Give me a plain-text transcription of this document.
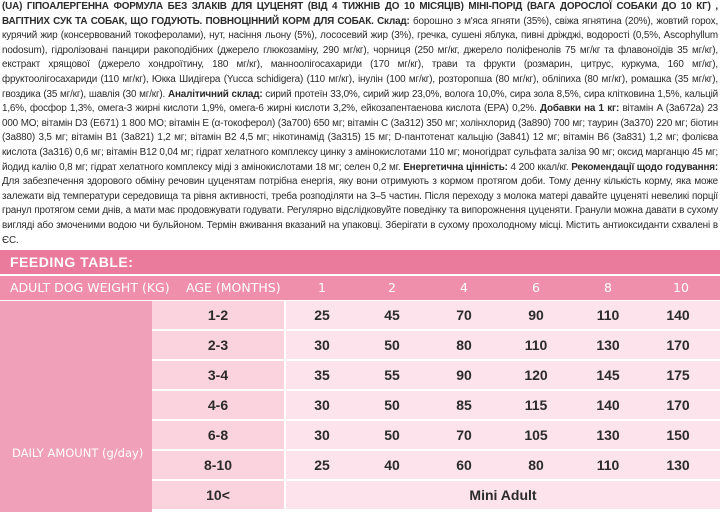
(UA) ГІПОАЛЕРГЕННА ФОРМУЛА БЕЗ ЗЛАКІВ ДЛЯ ЦУЦЕНЯТ (ВІД 4 ТИЖНІВ ДО 10 МІСЯЦІВ) МІНІ-ПОРІД (ВАГА ДОРОСЛОЇ СОБАКИ ДО 10 КГ) , ВАГІТНИХ СУК ТА СОБАК, ЩО ГОДУЮТЬ. ПОВНОЦІННИЙ КОРМ ДЛЯ СОБАК. Склад: борошно з м'яса ягняти (35%), свіжа ягнятина (20%), жовтий горох, курячий жир (консервований токоферолами), нут, насіння льону (5%), лососевий жир (3%), гречка, сушені яблука, пивні дріжджі, водорості (0,5%, Ascophyllum nodosum), гідролізовані панцири ракоподібних (джерело глюкозаміну, 290 мг/кг), чорниця (250 мг/кг, джерело поліфенолів 75 мг/кг та флавоноїдів 35 мг/кг), екстракт хрящової (джерело хондроїтину, 180 мг/кг), манноолігосахариди (170 мг/кг), трави та фрукти (розмарин, цитрус, куркума, 160 мг/кг), фруктоолігосахариди (110 мг/кг), Юкка Шидігера (Yucca schidigera) (110 мг/кг), інулін (100 мг/кг), розторопша (80 мг/кг), обліпиха (80 мг/кг), ромашка (35 мг/кг), гвоздика (35 мг/кг), шавлія (30 мг/кг). Аналітичний склад: сирий протеїн 33,0%, сирий жир 23,0%, волога 10,0%, сира зола 8,5%, сира клітковина 1,5%, кальцій 1,6%, фосфор 1,3%, омега-3 жирні кислоти 1,9%, омега-6 жирні кислоти 3,2%, ейкозапентаенова кислота (EPA) 0,2%. Добавки на 1 кг: вітамін A (3a672a) 23 000 МО; вітамін D3 (E671) 1 800 МО; вітамін E (α-токоферол) (3a700) 650 мг; вітамін C (3a312) 350 мг; холінхлорид (3a890) 700 мг; таурин (3a370) 220 мг; біотин (3a880) 3,5 мг; вітамін B1 (3a821) 1,2 мг; вітамін B2 4,5 мг; нікотинамід (3a315) 15 мг; D-пантотенат кальцію (3a841) 12 мг; вітамін B6 (3a831) 1,2 мг; фолієва кислота (3a316) 0,6 мг; вітамін B12 0,04 мг; гідрат хелатного комплексу цинку з амінокислотами 110 мг; моногідрат сульфата заліза 90 мг; оксид марганцю 45 мг; йодид калію 0,8 мг; гідрат хелатного комплексу міді з амінокислотами 18 мг; селен 0,2 мг. Енергетична цінність: 4 200 ккал/кг. Рекомендації щодо годування: Для забезпечення здорового обміну речовин цуценятам потрібна енергія, яку вони отримують з кормом протягом доби. Тому денну кількість корму, яка може залежати від температури середовища та рівня активності, треба розподіляти на 3–5 частин. Після переходу з молока матері давайте цуценяті невеликі порції гранул протягом семи днів, а мати має продовжувати годувати. Регулярно відслідковуйте поведінку та випорожнення цуценяти. Гранули можна давати в сухому вигляді або змоченими водою чи бульйоном. Термін вживання вказаний на упаковці. Зберігати в сухому прохолодному місці. Містить антиоксиданти схвалені в ЄС.
FEEDING TABLE:
ADULT DOG WEIGHT (KG) AGE (MONTHS)	1	2	4	6	8	10
DAILY AMOUNT (g/day)
1-2	25	45	70	90	110	140
2-3	30	50	80	110	130	170
3-4	35	55	90	120	145	175
4-6	30	50	85	115	140	170
6-8	30	50	70	105	130	150
8-10	25	40	60	80	110	130
10<	Mini Adult
